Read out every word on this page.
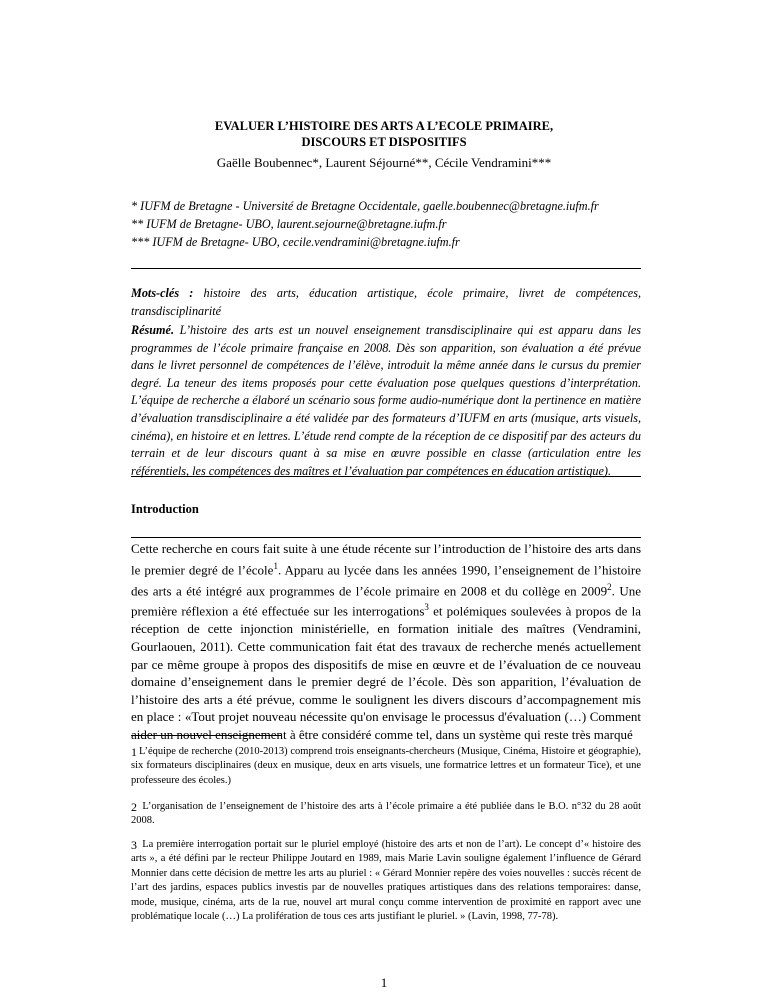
EVALUER L’HISTOIRE DES ARTS A L’ECOLE PRIMAIRE,
DISCOURS ET DISPOSITIFS
Gaëlle Boubennec*, Laurent Séjourné**, Cécile Vendramini***
* IUFM de Bretagne - Université de Bretagne Occidentale, gaelle.boubennec@bretagne.iufm.fr
** IUFM de Bretagne- UBO, laurent.sejourne@bretagne.iufm.fr
*** IUFM de Bretagne- UBO, cecile.vendramini@bretagne.iufm.fr
Mots-clés : histoire des arts, éducation artistique, école primaire, livret de compétences, transdisciplinarité
Résumé. L’histoire des arts est un nouvel enseignement transdisciplinaire qui est apparu dans les programmes de l’école primaire française en 2008. Dès son apparition, son évaluation a été prévue dans le livret personnel de compétences de l’élève, introduit la même année dans le cursus du premier degré. La teneur des items proposés pour cette évaluation pose quelques questions d’interprétation. L’équipe de recherche a élaboré un scénario sous forme audio-numérique dont la pertinence en matière d’évaluation transdisciplinaire a été validée par des formateurs d’IUFM en arts (musique, arts visuels, cinéma), en histoire et en lettres. L’étude rend compte de la réception de ce dispositif par des acteurs du terrain et de leur discours quant à sa mise en œuvre possible en classe (articulation entre les référentiels, les compétences des maîtres et l’évaluation par compétences en éducation artistique).
Introduction
Cette recherche en cours fait suite à une étude récente sur l’introduction de l’histoire des arts dans le premier degré de l’école$^1$. Apparu au lycée dans les années 1990, l’enseignement de l’histoire des arts a été intégré aux programmes de l’école primaire en 2008 et du collège en 2009$^2$. Une première réflexion a été effectuée sur les interrogations$^3$ et polémiques soulevées à propos de la réception de cette injonction ministérielle, en formation initiale des maîtres (Vendramini, Gourlaouen, 2011). Cette communication fait état des travaux de recherche menés actuellement par ce même groupe à propos des dispositifs de mise en œuvre et de l’évaluation de ce nouveau domaine d’enseignement dans le premier degré de l’école. Dès son apparition, l’évaluation de l’histoire des arts a été prévue, comme le soulignent les divers discours d’accompagnement mis en place : «Tout projet nouveau nécessite qu'on envisage le processus d'évaluation (…) Comment aider un nouvel enseignement à être considéré comme tel, dans un système qui reste très marqué
1 L’équipe de recherche (2010-2013) comprend trois enseignants-chercheurs (Musique, Cinéma, Histoire et géographie), six formateurs disciplinaires (deux en musique, deux en arts visuels, une formatrice lettres et un formateur Tice), et une professeure des écoles.)
2 L’organisation de l’enseignement de l’histoire des arts à l’école primaire a été publiée dans le B.O. n°32 du 28 août 2008.
3 La première interrogation portait sur le pluriel employé (histoire des arts et non de l’art). Le concept d’« histoire des arts », a été défini par le recteur Philippe Joutard en 1989, mais Marie Lavin souligne également l’influence de Gérard Monnier dans cette décision de mettre les arts au pluriel : « Gérard Monnier repère des voies nouvelles : succès récent de l’art des jardins, espaces publics investis par de nouvelles pratiques artistiques dans des relations temporaires: danse, mode, musique, cinéma, arts de la rue, nouvel art mural conçu comme intervention de proximité en rapport avec une problématique locale (…) La prolifération de tous ces arts justifiant le pluriel. » (Lavin, 1998, 77-78).
1
